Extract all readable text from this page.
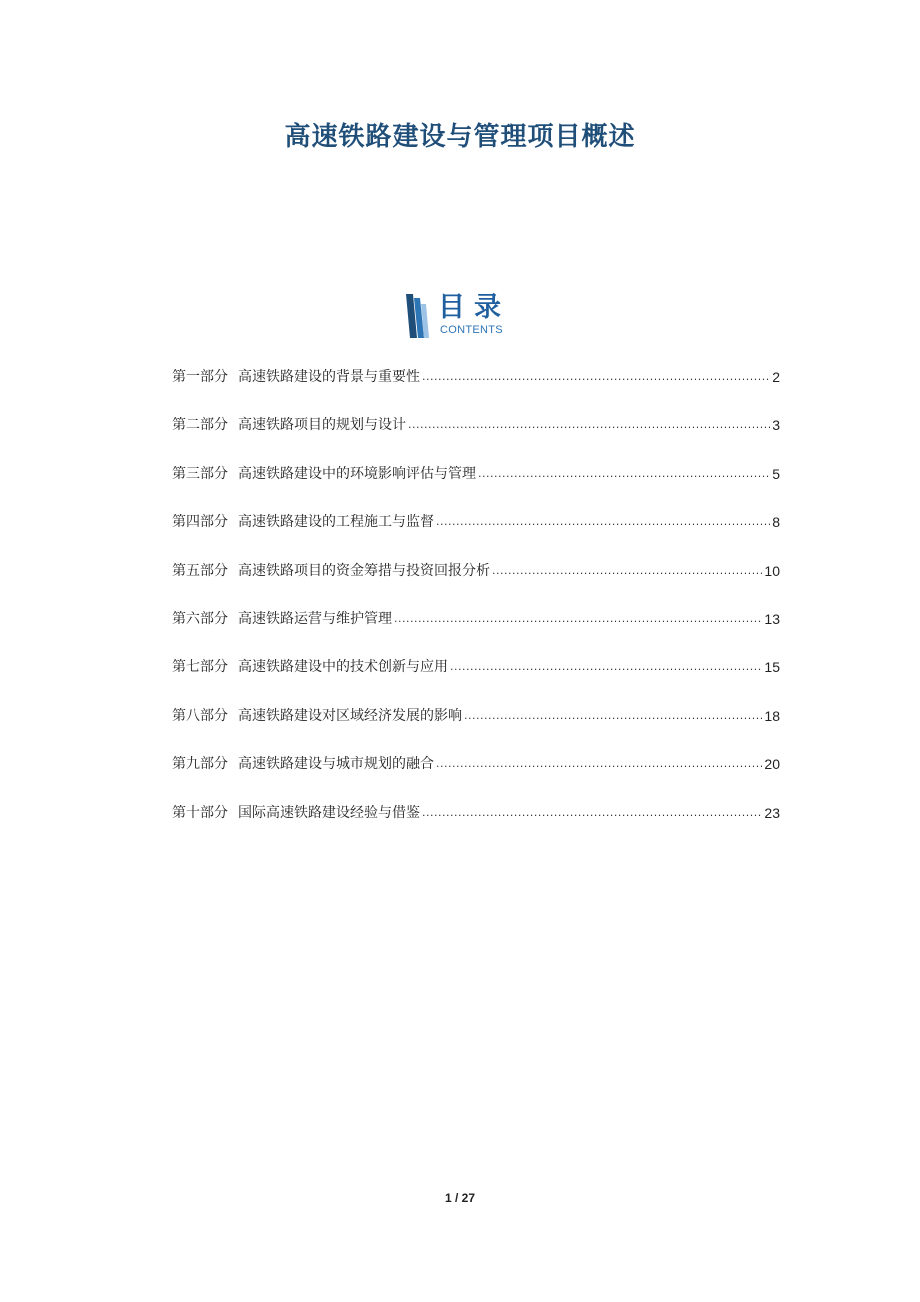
高速铁路建设与管理项目概述
目录
CONTENTS
第一部分 高速铁路建设的背景与重要性 .....	2
第二部分 高速铁路项目的规划与设计 .....	3
第三部分 高速铁路建设中的环境影响评估与管理 .....	5
第四部分 高速铁路建设的工程施工与监督 .....	8
第五部分 高速铁路项目的资金筹措与投资回报分析 .....	10
第六部分 高速铁路运营与维护管理 .....	13
第七部分 高速铁路建设中的技术创新与应用 .....	15
第八部分 高速铁路建设对区域经济发展的影响 .....	18
第九部分 高速铁路建设与城市规划的融合 .....	20
第十部分 国际高速铁路建设经验与借鉴 .....	23
1 / 27
